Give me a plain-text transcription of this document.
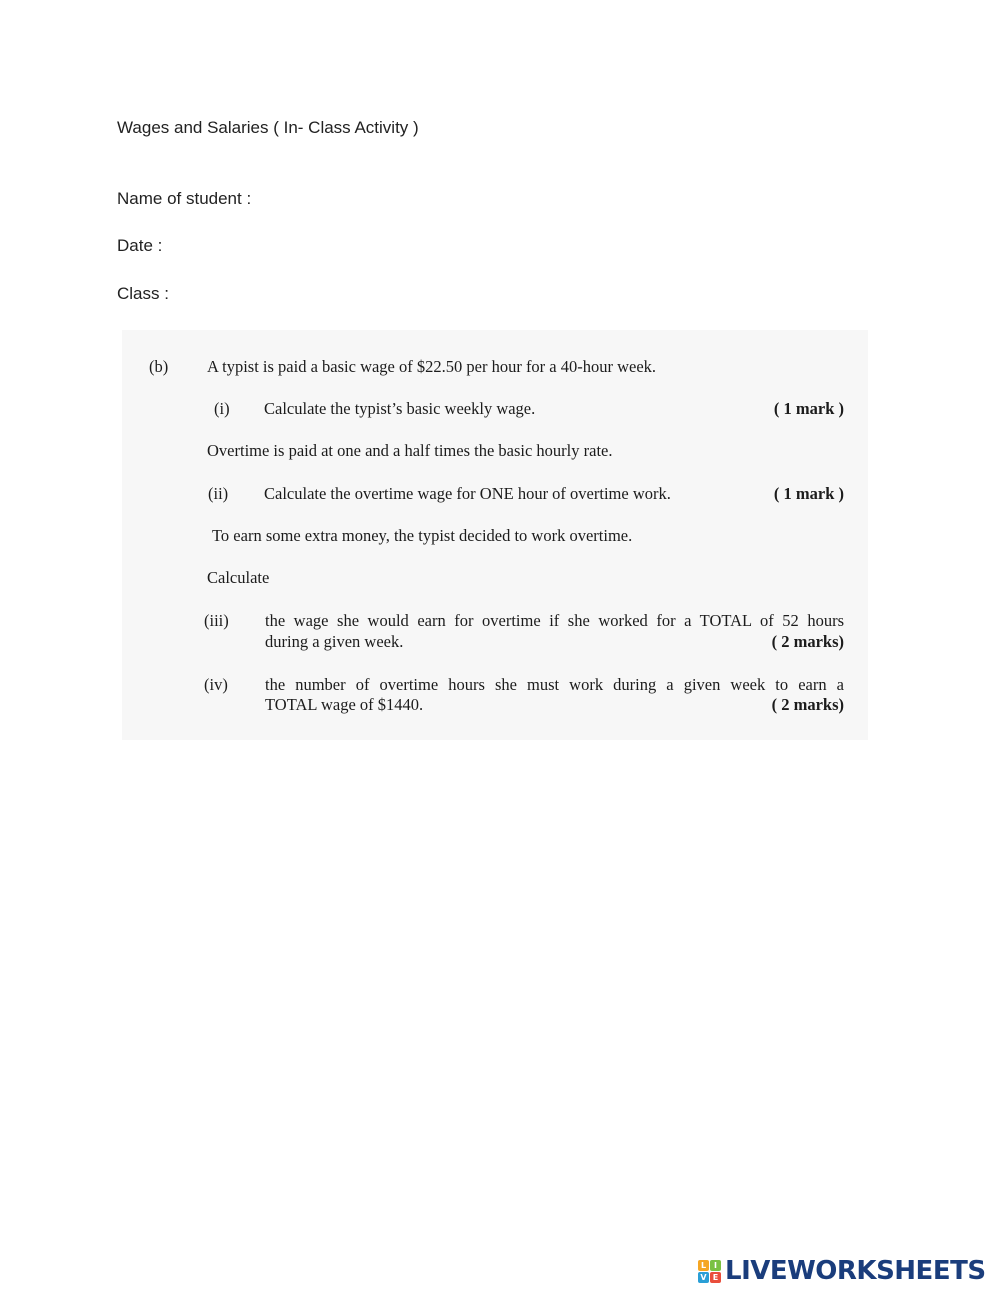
Wages and Salaries ( In- Class Activity )
Name of student :
Date :
Class :
(b) A typist is paid a basic wage of $22.50 per hour for a 40-hour week.
(i) Calculate the typist’s basic weekly wage.	( 1 mark )
Overtime is paid at one and a half times the basic hourly rate.
(ii) Calculate the overtime wage for ONE hour of overtime work.	( 1 mark )
To earn some extra money, the typist decided to work overtime.
Calculate
(iii) the wage she would earn for overtime if she worked for a TOTAL of 52 hours
during a given week.	( 2 marks)
(iv) the number of overtime hours she must work during a given week to earn a
TOTAL wage of $1440.	( 2 marks)
L I
V E LIVEWORKSHEETS
